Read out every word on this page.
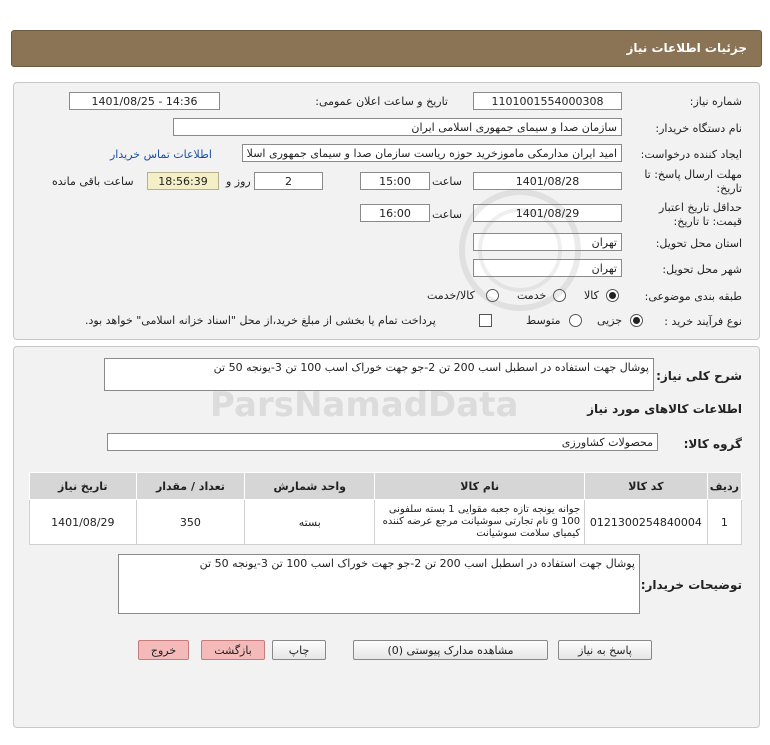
جزئیات اطلاعات نیاز
شماره نیاز:
1101001554000308
تاریخ و ساعت اعلان عمومی:
1401/08/25 - 14:36
نام دستگاه خریدار:
سازمان صدا و سیمای جمهوری اسلامی ایران
ایجاد کننده درخواست:
امید ایران مدارمکی ماموزخرید حوزه ریاست سازمان صدا و سیمای جمهوری اسلا
اطلاعات تماس خریدار
مهلت ارسال پاسخ: تا
تاریخ:
1401/08/28
ساعت
15:00
2
روز و
18:56:39
ساعت باقی مانده
حداقل تاریخ اعتبار
قیمت: تا تاریخ:
1401/08/29
ساعت
16:00
استان محل تحویل:
تهران
شهر محل تحویل:
تهران
طبقه بندی موضوعی:
کالا
خدمت
کالا/خدمت
نوع فرآیند خرید :
جزیی
متوسط
پرداخت تمام یا بخشی از مبلغ خرید،از محل "اسناد خزانه اسلامی" خواهد بود.
شرح کلی نیاز:
پوشال جهت استفاده در اسطبل اسب 200 تن 2-جو جهت خوراک اسب 100 تن 3-یونجه 50 تن
اطلاعات کالاهای مورد نیاز
گروه کالا:
محصولات کشاورزی
ردیف	کد کالا	نام کالا	واحد شمارش	تعداد / مقدار	تاریخ نیاز
1	0121300254840004	جوانه یونجه تازه جعبه مقوایی 1 بسته سلفونی 100 g نام تجارتی سوشیانت مرجع عرضه کننده کیمیای سلامت سوشیانت	بسته	350	1401/08/29
توضیحات خریدار:
پوشال جهت استفاده در اسطبل اسب 200 تن 2-جو جهت خوراک اسب 100 تن 3-یونجه 50 تن
پاسخ به نیاز
مشاهده مدارک پیوستی (0)
چاپ
بازگشت
خروج
